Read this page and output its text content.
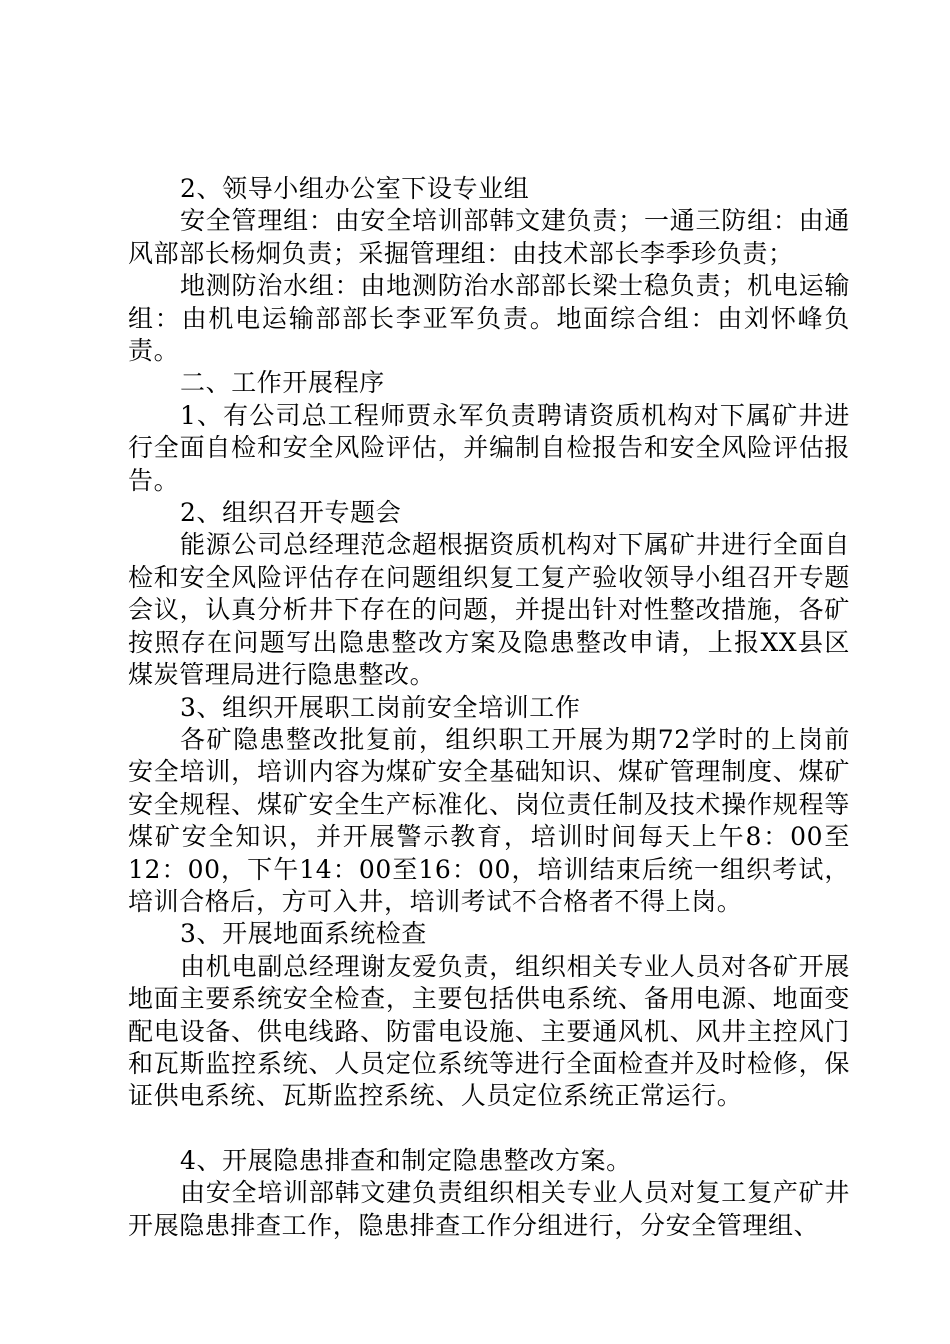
2、领导小组办公室下设专业组

安全管理组：由安全培训部韩文建负责；一通三防组：由通风部部长杨炯负责；采掘管理组：由技术部长李季珍负责；

地测防治水组：由地测防治水部部长梁士稳负责；机电运输组：由机电运输部部长李亚军负责。地面综合组：由刘怀峰负责。

二、工作开展程序

1、有公司总工程师贾永军负责聘请资质机构对下属矿井进行全面自检和安全风险评估，并编制自检报告和安全风险评估报告。

2、组织召开专题会

能源公司总经理范念超根据资质机构对下属矿井进行全面自检和安全风险评估存在问题组织复工复产验收领导小组召开专题会议，认真分析井下存在的问题，并提出针对性整改措施，各矿按照存在问题写出隐患整改方案及隐患整改申请，上报XX县区煤炭管理局进行隐患整改。

3、组织开展职工岗前安全培训工作

各矿隐患整改批复前，组织职工开展为期72学时的上岗前安全培训，培训内容为煤矿安全基础知识、煤矿管理制度、煤矿安全规程、煤矿安全生产标准化、岗位责任制及技术操作规程等煤矿安全知识，并开展警示教育，培训时间每天上午8：00至12：00，下午14：00至16：00，培训结束后统一组织考试，培训合格后，方可入井，培训考试不合格者不得上岗。

3、开展地面系统检查

由机电副总经理谢友爱负责，组织相关专业人员对各矿开展地面主要系统安全检查，主要包括供电系统、备用电源、地面变配电设备、供电线路、防雷电设施、主要通风机、风井主控风门和瓦斯监控系统、人员定位系统等进行全面检查并及时检修，保证供电系统、瓦斯监控系统、人员定位系统正常运行。

4、开展隐患排查和制定隐患整改方案。

由安全培训部韩文建负责组织相关专业人员对复工复产矿井开展隐患排查工作，隐患排查工作分组进行，分安全管理组、
